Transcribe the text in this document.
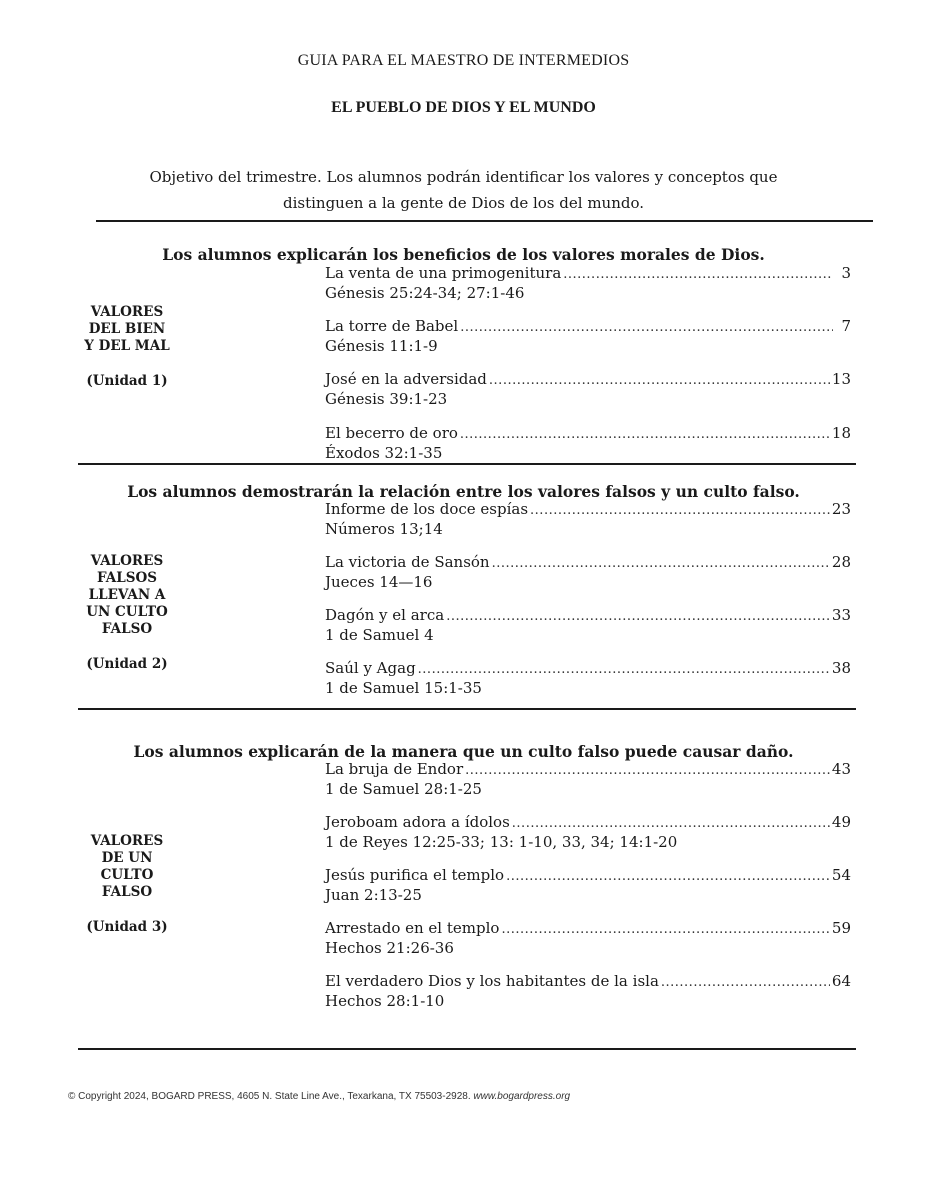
GUIA PARA EL MAESTRO DE INTERMEDIOS
EL PUEBLO DE DIOS Y EL MUNDO
Objetivo del trimestre. Los alumnos podrán identificar los valores y conceptos que
distinguen a la gente de Dios de los del mundo.

Los alumnos explicarán los beneficios de los valores morales de Dios.

VALORES
DEL BIEN
Y DEL MAL
(Unidad 1)
La venta de una primogenitura .....	3
Génesis 25:24-34; 27:1-46
La torre de Babel .....	7
Génesis 11:1-9
José en la adversidad .....	13
Génesis 39:1-23
El becerro de oro .....	18
Éxodos 32:1-35

Los alumnos demostrarán la relación entre los valores falsos y un culto falso.

VALORES
FALSOS
LLEVAN A
UN CULTO
FALSO
(Unidad 2)
Informe de los doce espías .....	23
Números 13;14
La victoria de Sansón .....	28
Jueces 14—16
Dagón y el arca .....	33
1 de Samuel 4
Saúl y Agag .....	38
1 de Samuel 15:1-35

Los alumnos explicarán de la manera que un culto falso puede causar daño.

VALORES
DE UN
CULTO
FALSO
(Unidad 3)
La bruja de Endor .....	43
1 de Samuel 28:1-25
Jeroboam adora a ídolos .....	49
1 de Reyes 12:25-33; 13: 1-10, 33, 34; 14:1-20
Jesús purifica el templo .....	54
Juan 2:13-25
Arrestado en el templo .....	59
Hechos 21:26-36
El verdadero Dios y los habitantes de la isla .....	64
Hechos 28:1-10
© Copyright 2024, BOGARD PRESS, 4605 N. State Line Ave., Texarkana, TX 75503-2928. www.bogardpress.org
